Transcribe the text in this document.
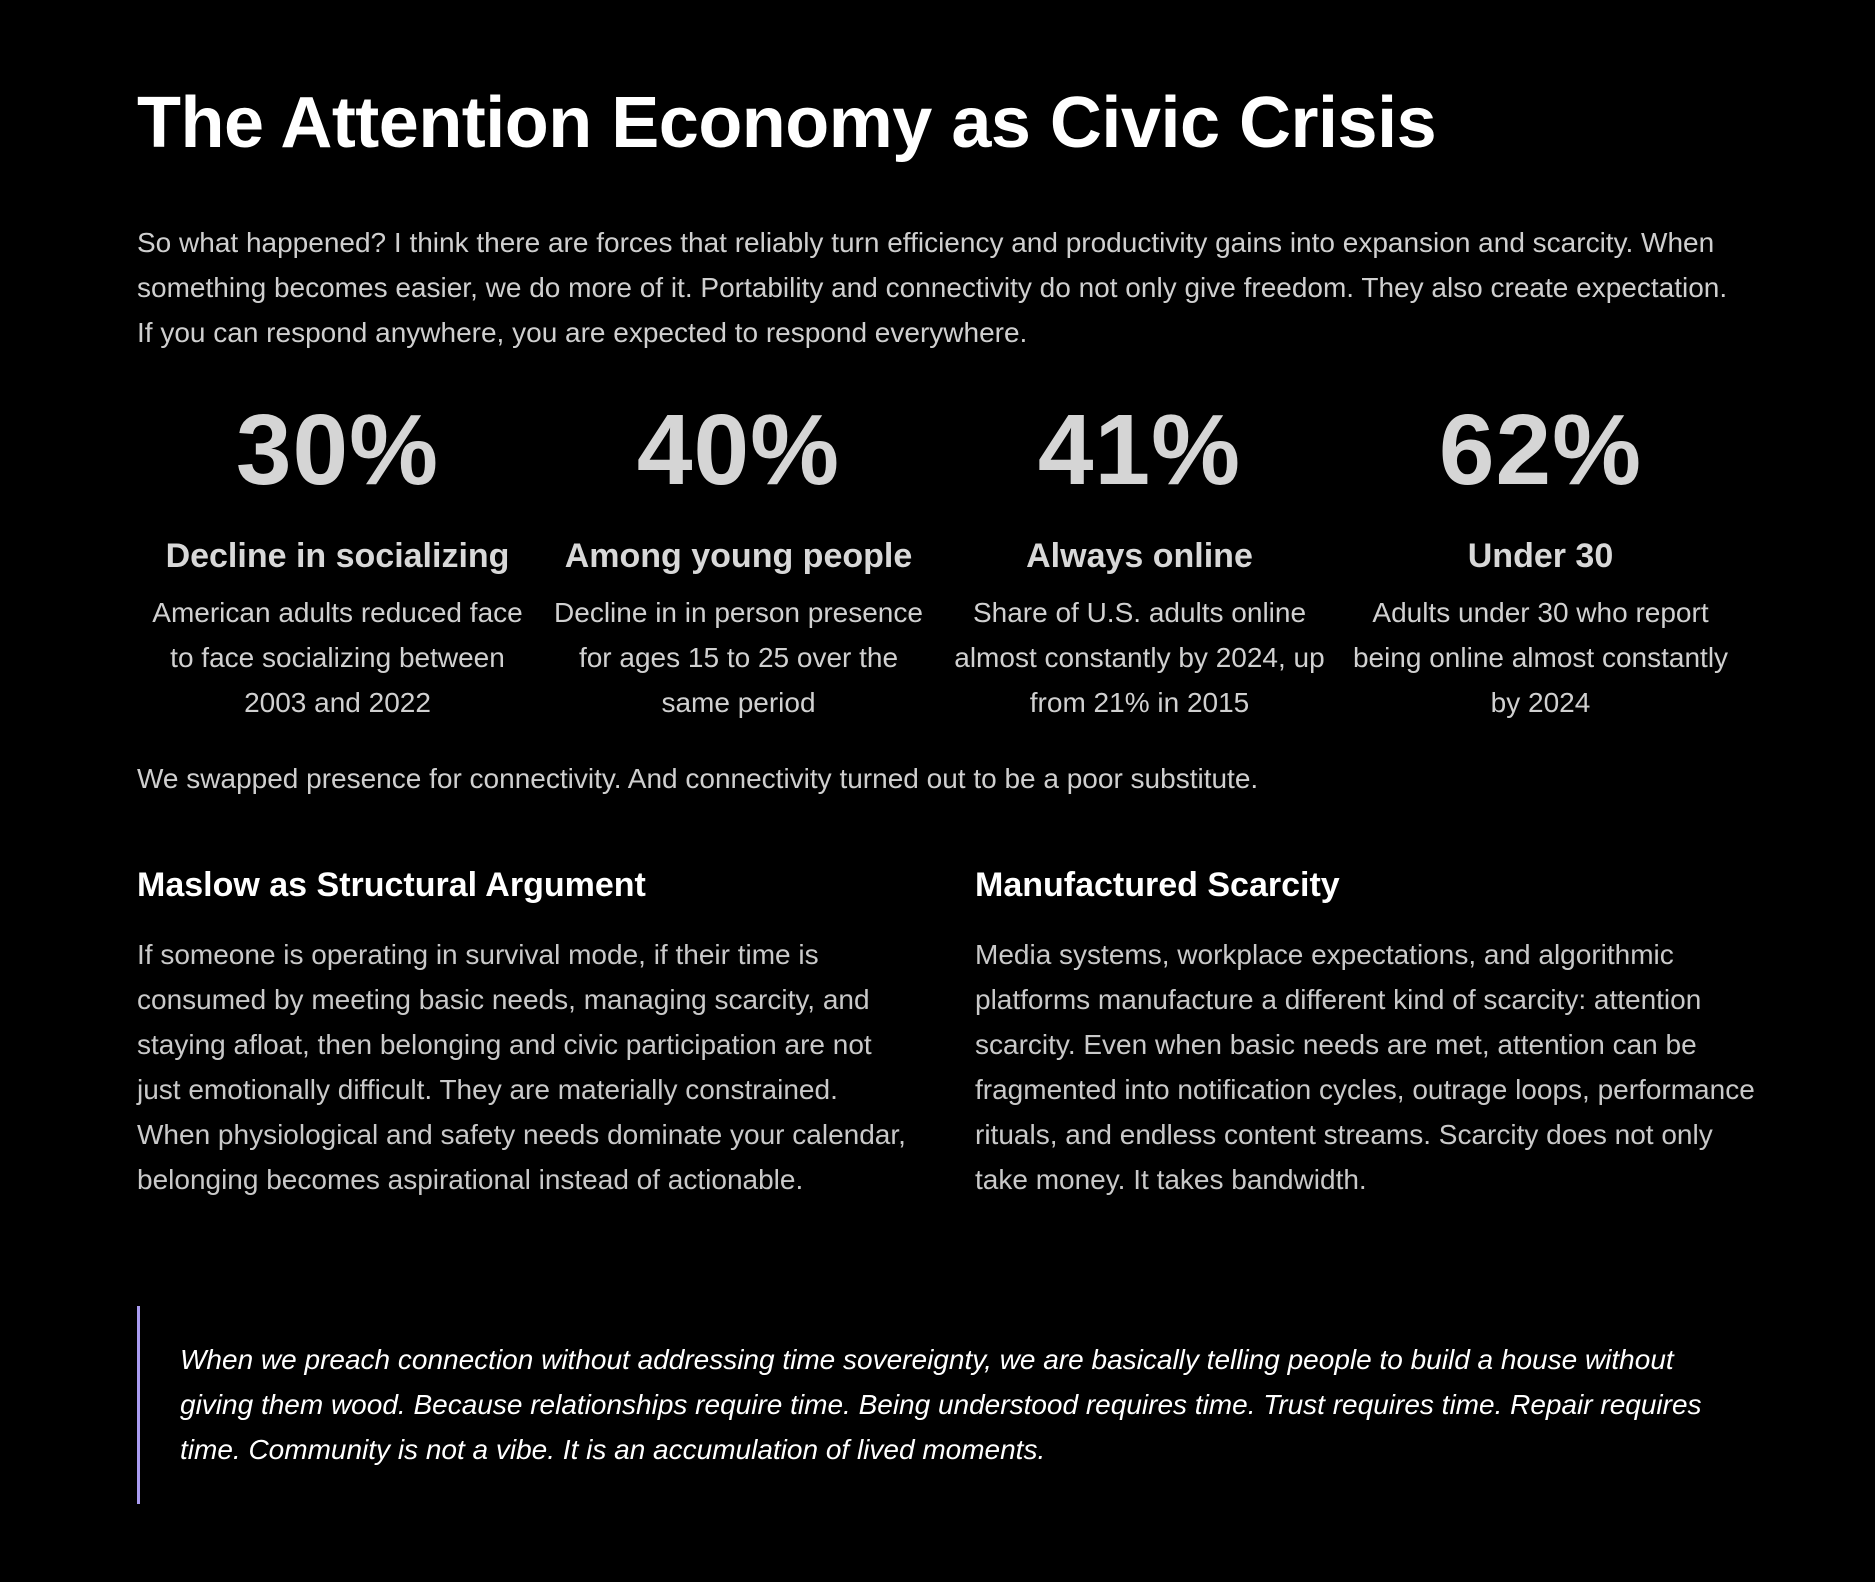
The Attention Economy as Civic Crisis

So what happened? I think there are forces that reliably turn efficiency and productivity gains into expansion and scarcity. When something becomes easier, we do more of it. Portability and connectivity do not only give freedom. They also create expectation. If you can respond anywhere, you are expected to respond everywhere.

30%
Decline in socializing
American adults reduced face to face socializing between 2003 and 2022
40%
Among young people
Decline in in person presence for ages 15 to 25 over the same period
41%
Always online
Share of U.S. adults online almost constantly by 2024, up from 21% in 2015
62%
Under 30
Adults under 30 who report being online almost constantly by 2024

We swapped presence for connectivity. And connectivity turned out to be a poor substitute.

Maslow as Structural Argument

If someone is operating in survival mode, if their time is consumed by meeting basic needs, managing scarcity, and staying afloat, then belonging and civic participation are not just emotionally difficult. They are materially constrained. When physiological and safety needs dominate your calendar, belonging becomes aspirational instead of actionable.

Manufactured Scarcity

Media systems, workplace expectations, and algorithmic platforms manufacture a different kind of scarcity: attention scarcity. Even when basic needs are met, attention can be fragmented into notification cycles, outrage loops, performance rituals, and endless content streams. Scarcity does not only take money. It takes bandwidth.

When we preach connection without addressing time sovereignty, we are basically telling people to build a house without giving them wood. Because relationships require time. Being understood requires time. Trust requires time. Repair requires time. Community is not a vibe. It is an accumulation of lived moments.
